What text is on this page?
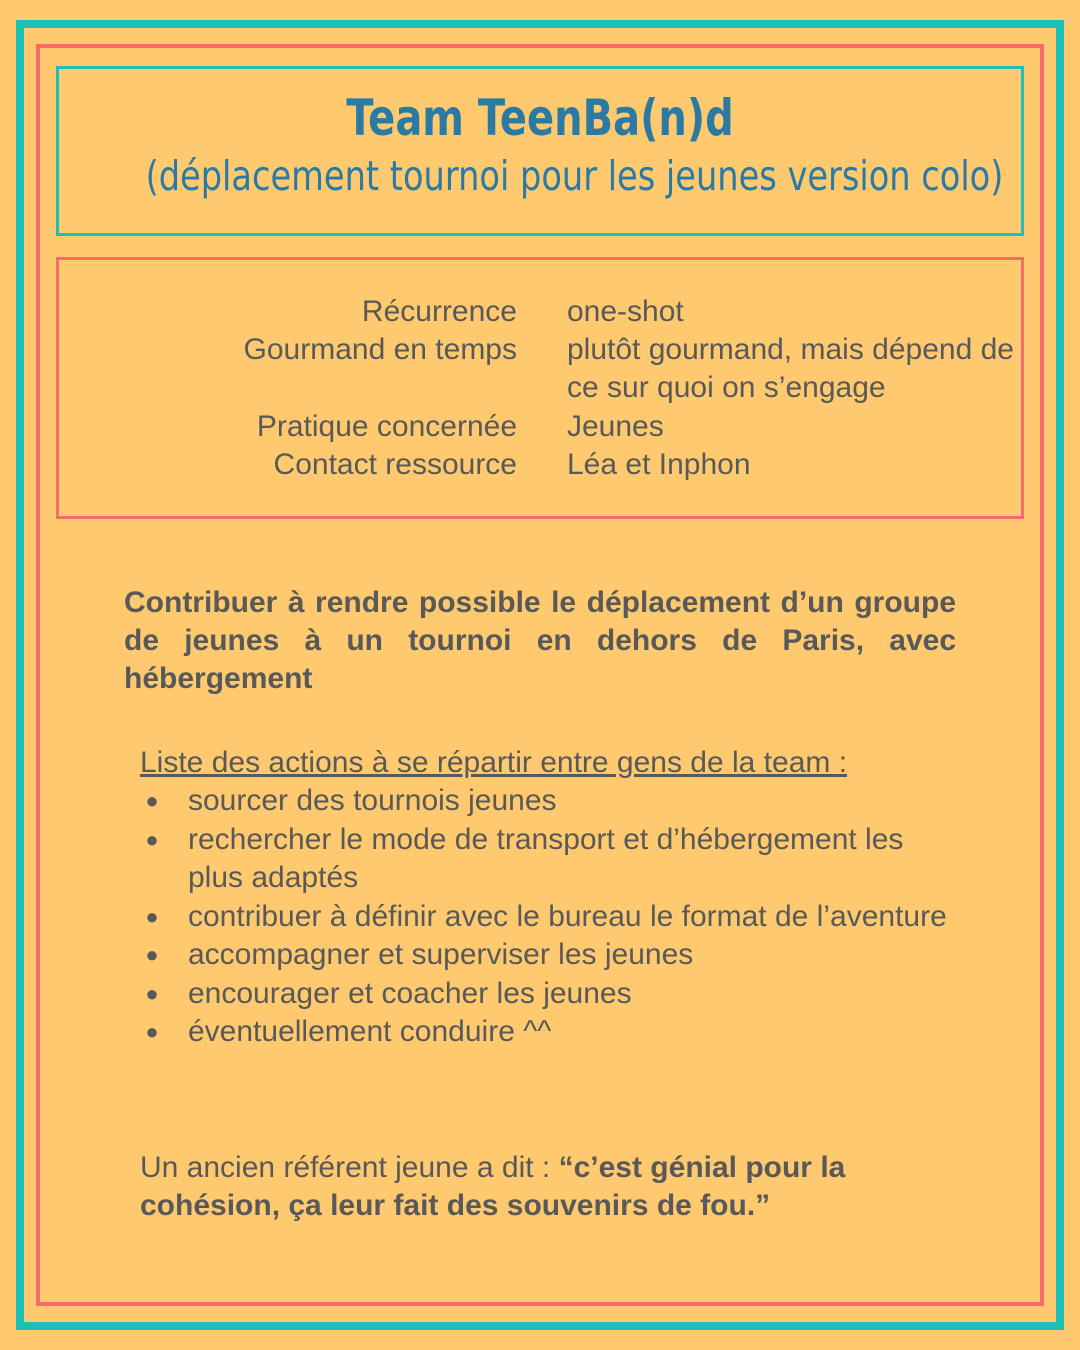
Team TeenBa(n)d
(déplacement tournoi pour les jeunes version colo)
Récurrence one-shot
Gourmand en temps plutôt gourmand, mais dépend de ce sur quoi on s’engage
Pratique concernée Jeunes
Contact ressource Léa et Inphon
Contribuer à rendre possible le déplacement d’un groupe de jeunes à un tournoi en dehors de Paris, avec hébergement
Liste des actions à se répartir entre gens de la team :
● sourcer des tournois jeunes
● rechercher le mode de transport et d’hébergement les plus adaptés
● contribuer à définir avec le bureau le format de l’aventure
● accompagner et superviser les jeunes
● encourager et coacher les jeunes
● éventuellement conduire ^^
Un ancien référent jeune a dit : “c’est génial pour la cohésion, ça leur fait des souvenirs de fou.”
